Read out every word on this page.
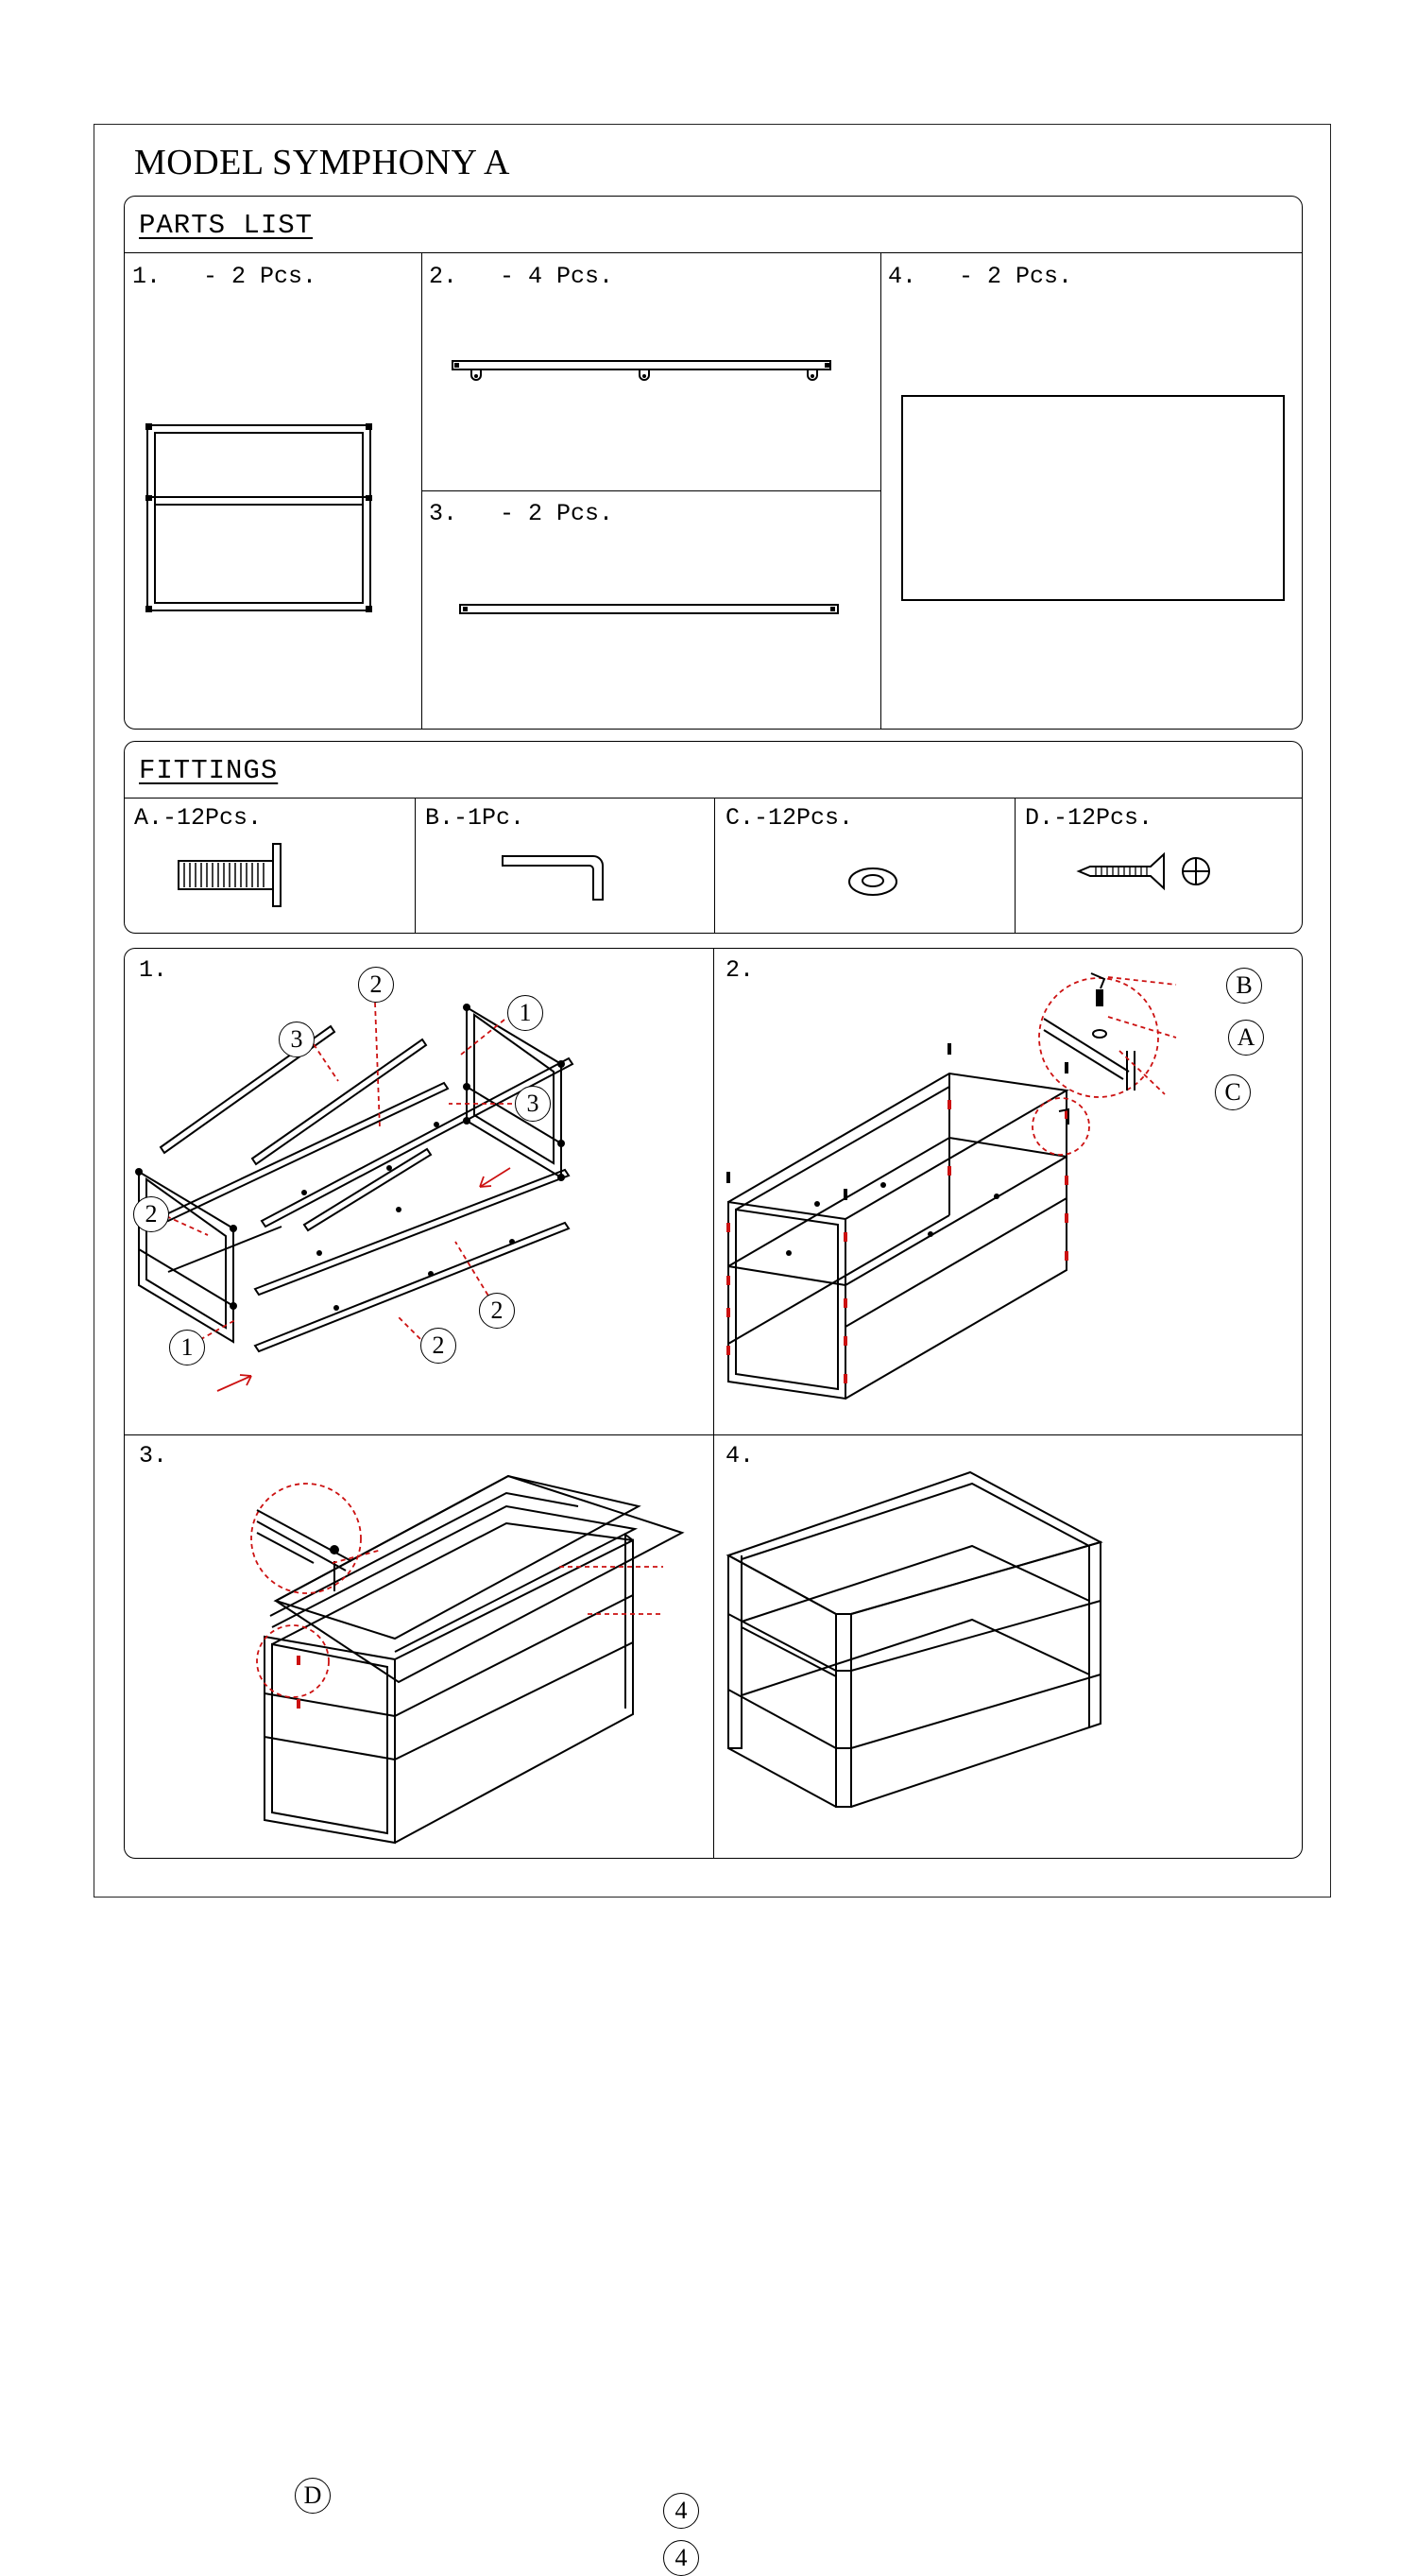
MODEL SYMPHONY A
PARTS LIST
1.   - 2 Pcs.	2.   - 4 Pcs.
3.   - 2 Pcs.
4.   - 2 Pcs.
FITTINGS
A.-12Pcs.	B.-1Pc.	C.-12Pcs.	D.-12Pcs.
1.	2.
3.	4.
2
3
1
3
2
1	2
2
B
A
C
D
4
4
